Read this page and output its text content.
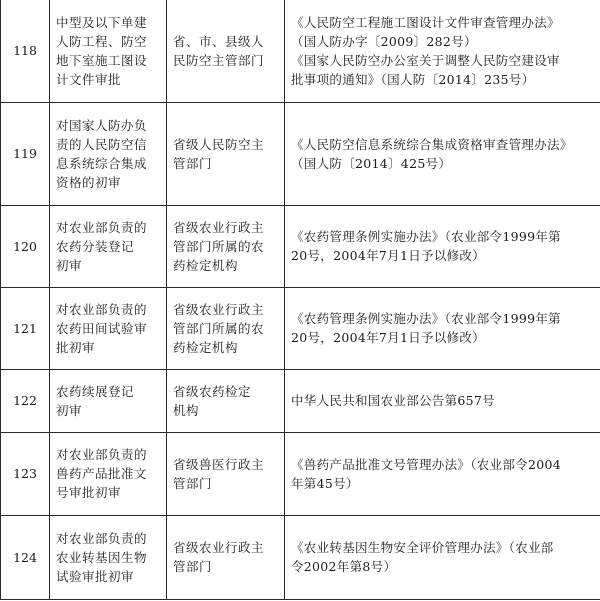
118	中型及以下单建
人防工程、防空
地下室施工图设
计文件审批	省、市、县级人
民防空主管部门	《人民防空工程施工图设计文件审查管理办法》
（国人防办字〔2009〕282号）
《国家人民防空办公室关于调整人民防空建设审
批事项的通知》（国人防〔2014〕235号）

119	对国家人防办负
责的人民防空信
息系统综合集成
资格的初审	省级人民防空主
管部门	《人民防空信息系统综合集成资格审查管理办法》
（国人防〔2014〕425号）

120	对农业部负责的
农药分装登记
初审	省级农业行政主
管部门所属的农
药检定机构	《农药管理条例实施办法》（农业部令1999年第
20号，2004年7月1日予以修改）

121	对农业部负责的
农药田间试验审
批初审	省级农业行政主
管部门所属的农
药检定机构	《农药管理条例实施办法》（农业部令1999年第
20号，2004年7月1日予以修改）

122	农药续展登记
初审	省级农药检定
机构	中华人民共和国农业部公告第657号

123	对农业部负责的
兽药产品批准文
号审批初审	省级兽医行政主
管部门	《兽药产品批准文号管理办法》（农业部令2004
年第45号）

124	对农业部负责的
农业转基因生物
试验审批初审	省级农业行政主
管部门	《农业转基因生物安全评价管理办法》（农业部
令2002年第8号）
